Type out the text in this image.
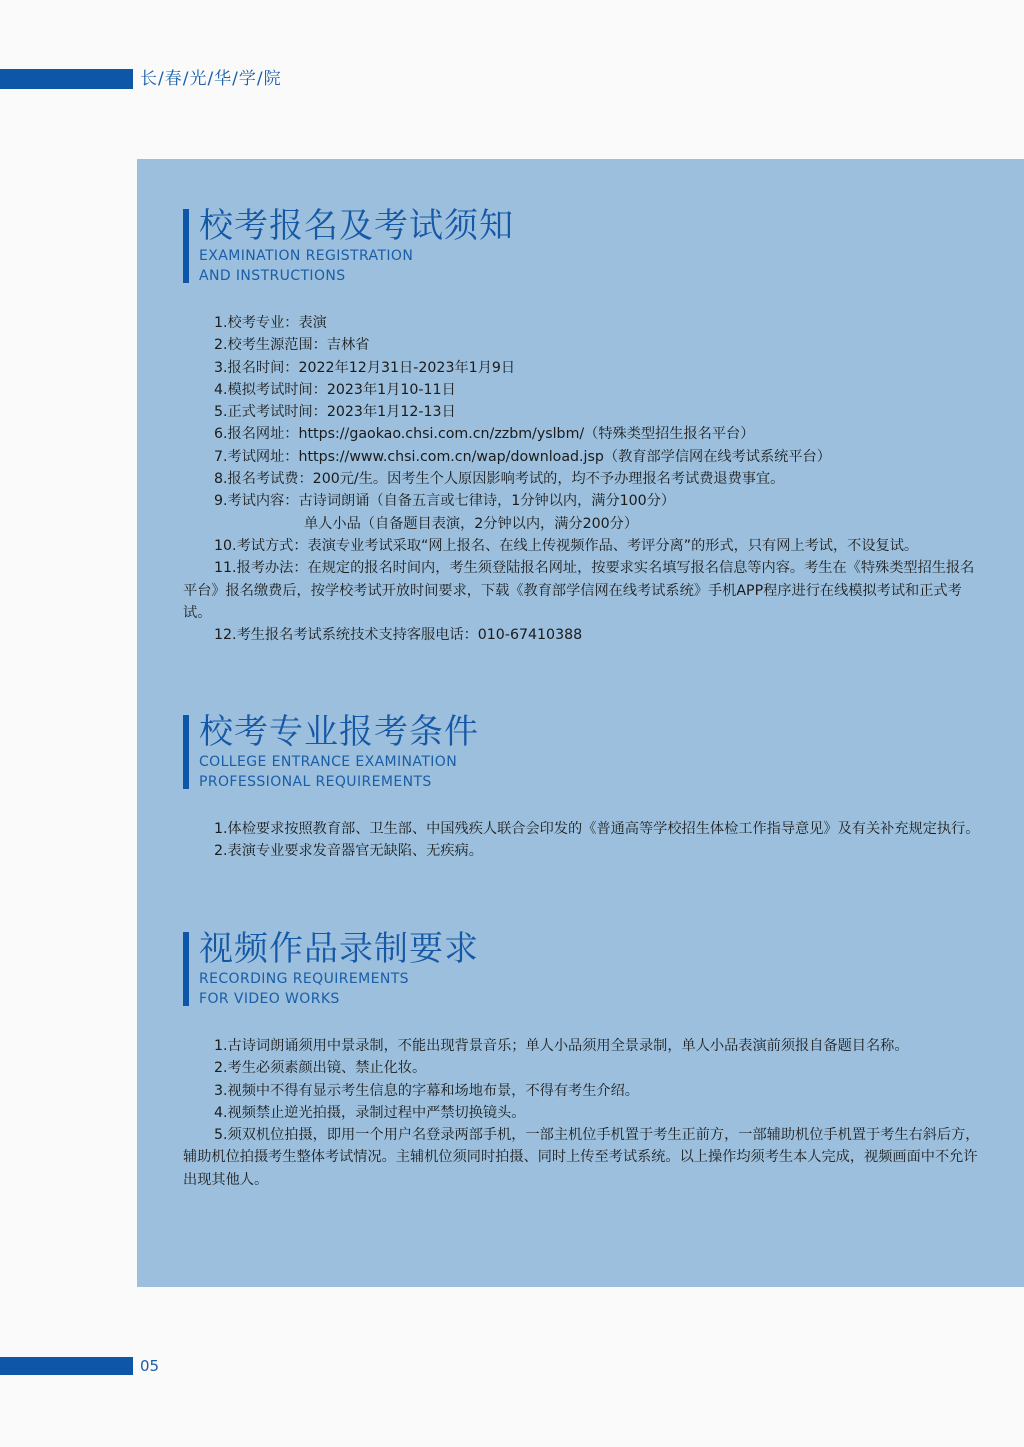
长/春/光/华/学/院
校考报名及考试须知
EXAMINATION REGISTRATION
AND INSTRUCTIONS

1.校考专业：表演

2.校考生源范围：吉林省

3.报名时间：2022年12月31日-2023年1月9日

4.模拟考试时间：2023年1月10-11日

5.正式考试时间：2023年1月12-13日

6.报名网址：https://gaokao.chsi.com.cn/zzbm/yslbm/（特殊类型招生报名平台）

7.考试网址：https://www.chsi.com.cn/wap/download.jsp（教育部学信网在线考试系统平台）

8.报名考试费：200元/生。因考生个人原因影响考试的，均不予办理报名考试费退费事宜。

9.考试内容：古诗词朗诵（自备五言或七律诗，1分钟以内，满分100分）

单人小品（自备题目表演，2分钟以内，满分200分）

10.考试方式：表演专业考试采取“网上报名、在线上传视频作品、考评分离”的形式，只有网上考试，不设复试。

11.报考办法：在规定的报名时间内，考生须登陆报名网址，按要求实名填写报名信息等内容。考生在《特殊类型招生报名平台》报名缴费后，按学校考试开放时间要求，下载《教育部学信网在线考试系统》手机APP程序进行在线模拟考试和正式考试。

12.考生报名考试系统技术支持客服电话：010-67410388

校考专业报考条件
COLLEGE ENTRANCE EXAMINATION
PROFESSIONAL REQUIREMENTS

1.体检要求按照教育部、卫生部、中国残疾人联合会印发的《普通高等学校招生体检工作指导意见》及有关补充规定执行。

2.表演专业要求发音器官无缺陷、无疾病。

视频作品录制要求
RECORDING REQUIREMENTS
FOR VIDEO WORKS

1.古诗词朗诵须用中景录制，不能出现背景音乐；单人小品须用全景录制，单人小品表演前须报自备题目名称。

2.考生必须素颜出镜、禁止化妆。

3.视频中不得有显示考生信息的字幕和场地布景，不得有考生介绍。

4.视频禁止逆光拍摄，录制过程中严禁切换镜头。

5.须双机位拍摄，即用一个用户名登录两部手机，一部主机位手机置于考生正前方，一部辅助机位手机置于考生右斜后方，辅助机位拍摄考生整体考试情况。主辅机位须同时拍摄、同时上传至考试系统。以上操作均须考生本人完成，视频画面中不允许出现其他人。

05
